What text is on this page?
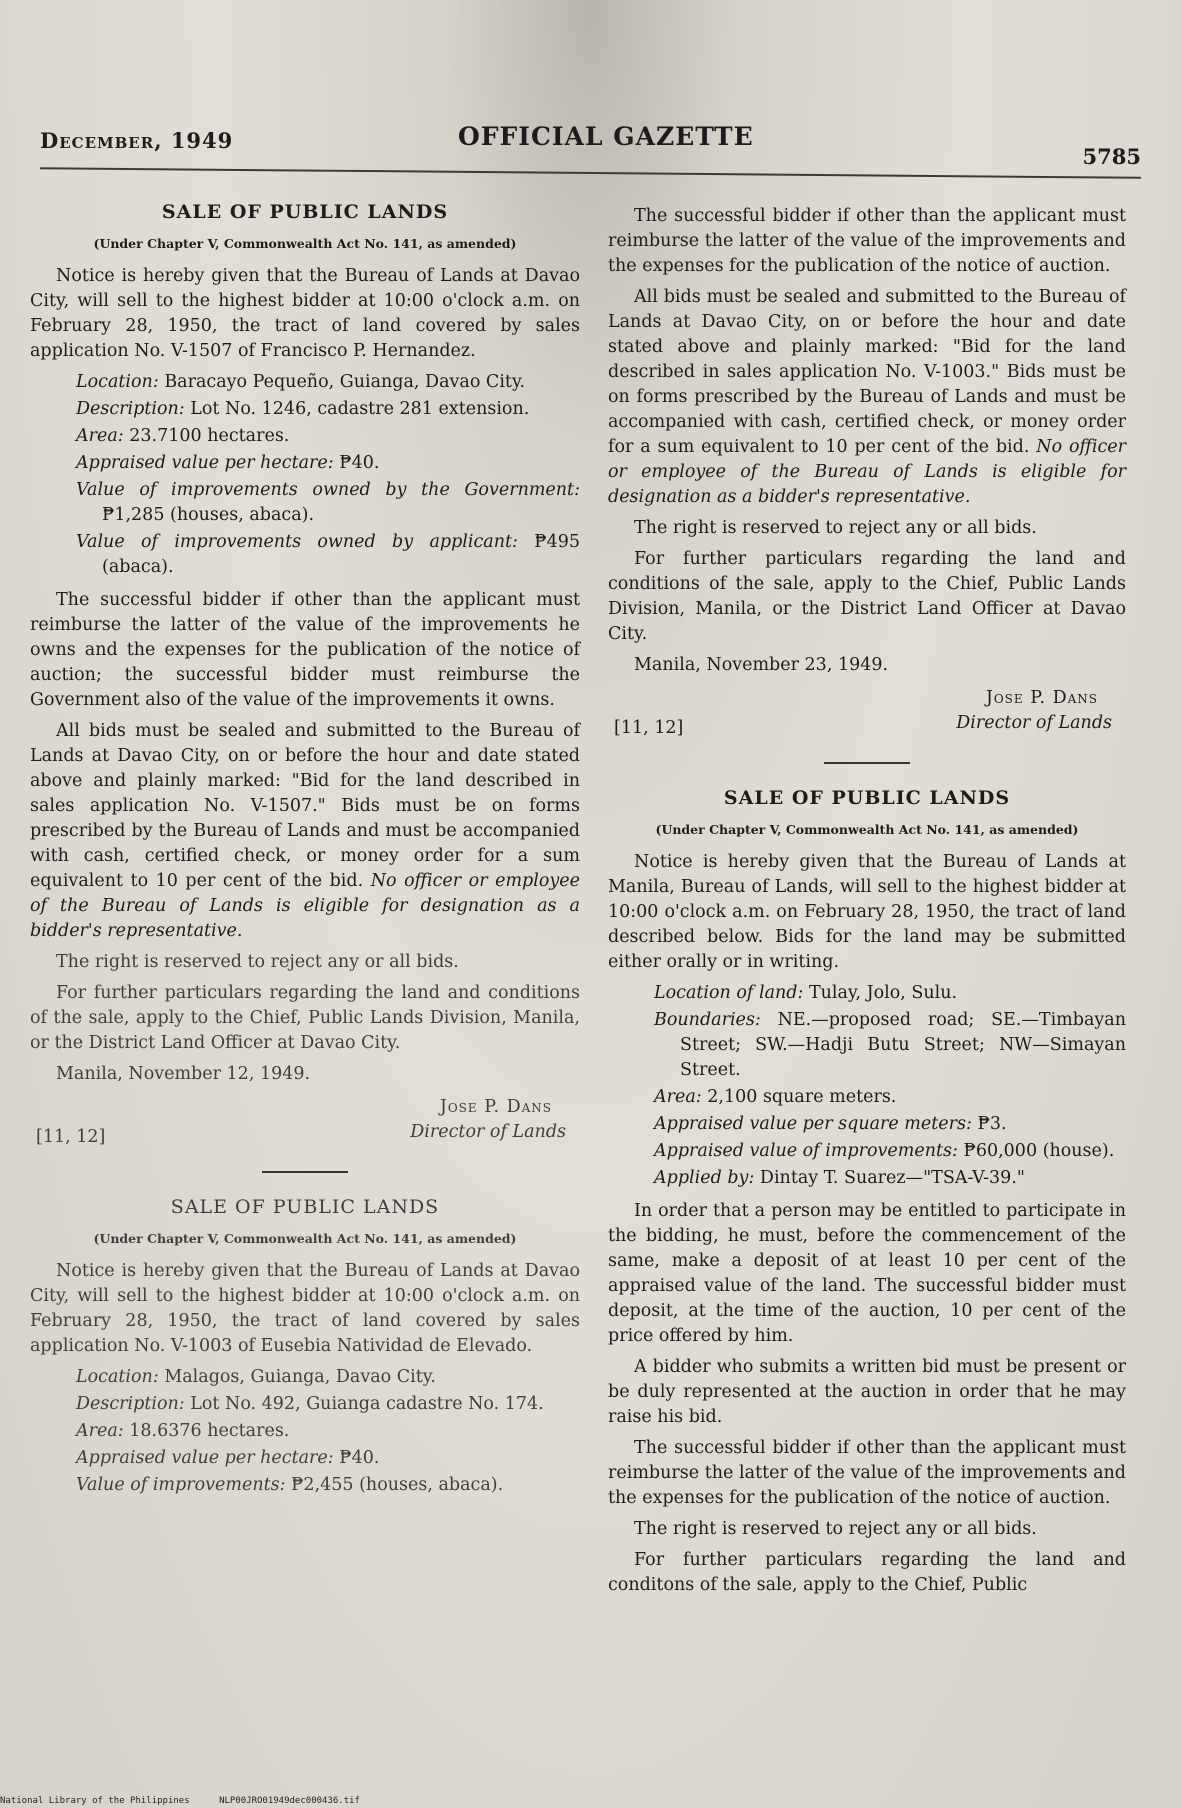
December, 1949	OFFICIAL GAZETTE
5785
SALE OF PUBLIC LANDS
(Under Chapter V, Commonwealth Act No. 141, as amended)

Notice is hereby given that the Bureau of Lands at Davao City, will sell to the highest bidder at 10:00 o'clock a.m. on February 28, 1950, the tract of land covered by sales application No. V-1507 of Francisco P. Hernandez.

Location: Baracayo Pequeño, Guianga, Davao City.
Description: Lot No. 1246, cadastre 281 extension.
Area: 23.7100 hectares.
Appraised value per hectare: ₱40.
Value of improvements owned by the Government: ₱1,285 (houses, abaca).
Value of improvements owned by applicant: ₱495 (abaca).

The successful bidder if other than the applicant must reimburse the latter of the value of the improvements he owns and the expenses for the publication of the notice of auction; the successful bidder must reimburse the Government also of the value of the improvements it owns.

All bids must be sealed and submitted to the Bureau of Lands at Davao City, on or before the hour and date stated above and plainly marked: "Bid for the land described in sales application No. V-1507." Bids must be on forms prescribed by the Bureau of Lands and must be accompanied with cash, certified check, or money order for a sum equivalent to 10 per cent of the bid. No officer or employee of the Bureau of Lands is eligible for designation as a bidder's representative.

The right is reserved to reject any or all bids.

For further particulars regarding the land and conditions of the sale, apply to the Chief, Public Lands Division, Manila, or the District Land Officer at Davao City.

Manila, November 12, 1949.

[11, 12]
Jose P. Dans
Director of Lands
SALE OF PUBLIC LANDS
(Under Chapter V, Commonwealth Act No. 141, as amended)

Notice is hereby given that the Bureau of Lands at Davao City, will sell to the highest bidder at 10:00 o'clock a.m. on February 28, 1950, the tract of land covered by sales application No. V-1003 of Eusebia Natividad de Elevado.

Location: Malagos, Guianga, Davao City.
Description: Lot No. 492, Guianga cadastre No. 174.
Area: 18.6376 hectares.
Appraised value per hectare: ₱40.
Value of improvements: ₱2,455 (houses, abaca).

The successful bidder if other than the applicant must reimburse the latter of the value of the improvements and the expenses for the publication of the notice of auction.

All bids must be sealed and submitted to the Bureau of Lands at Davao City, on or before the hour and date stated above and plainly marked: "Bid for the land described in sales application No. V-1003." Bids must be on forms prescribed by the Bureau of Lands and must be accompanied with cash, certified check, or money order for a sum equivalent to 10 per cent of the bid. No officer or employee of the Bureau of Lands is eligible for designation as a bidder's representative.

The right is reserved to reject any or all bids.

For further particulars regarding the land and conditions of the sale, apply to the Chief, Public Lands Division, Manila, or the District Land Officer at Davao City.

Manila, November 23, 1949.

[11, 12]
Jose P. Dans
Director of Lands
SALE OF PUBLIC LANDS
(Under Chapter V, Commonwealth Act No. 141, as amended)

Notice is hereby given that the Bureau of Lands at Manila, Bureau of Lands, will sell to the highest bidder at 10:00 o'clock a.m. on February 28, 1950, the tract of land described below. Bids for the land may be submitted either orally or in writing.

Location of land: Tulay, Jolo, Sulu.
Boundaries: NE.—proposed road; SE.—Timbayan Street; SW.—Hadji Butu Street; NW—Simayan Street.
Area: 2,100 square meters.
Appraised value per square meters: ₱3.
Appraised value of improvements: ₱60,000 (house).
Applied by: Dintay T. Suarez—"TSA-V-39."

In order that a person may be entitled to participate in the bidding, he must, before the commencement of the same, make a deposit of at least 10 per cent of the appraised value of the land. The successful bidder must deposit, at the time of the auction, 10 per cent of the price offered by him.

A bidder who submits a written bid must be present or be duly represented at the auction in order that he may raise his bid.

The successful bidder if other than the applicant must reimburse the latter of the value of the improvements and the expenses for the publication of the notice of auction.

The right is reserved to reject any or all bids.

For further particulars regarding the land and conditons of the sale, apply to the Chief, Public

National Library of the Philippines	NLP00JRO01949dec000436.tif
